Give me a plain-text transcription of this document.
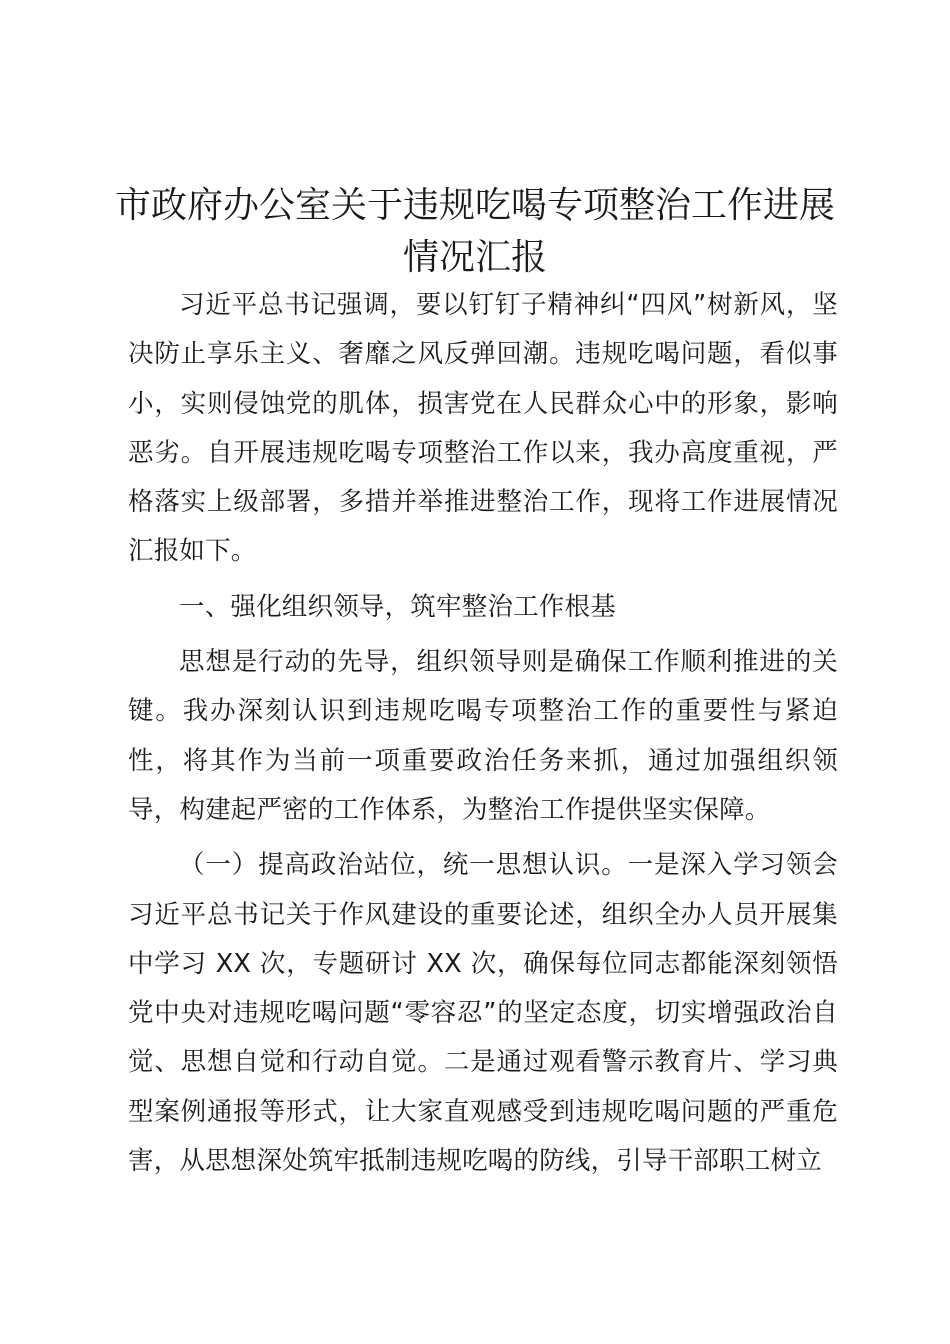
市政府办公室关于违规吃喝专项整治工作进展
情况汇报

习近平总书记强调，要以钉钉子精神纠“四风”树新风，坚决防止享乐主义、奢靡之风反弹回潮。违规吃喝问题，看似事小，实则侵蚀党的肌体，损害党在人民群众心中的形象，影响恶劣。自开展违规吃喝专项整治工作以来，我办高度重视，严格落实上级部署，多措并举推进整治工作，现将工作进展情况汇报如下。

一、强化组织领导，筑牢整治工作根基

思想是行动的先导，组织领导则是确保工作顺利推进的关键。我办深刻认识到违规吃喝专项整治工作的重要性与紧迫性，将其作为当前一项重要政治任务来抓，通过加强组织领导，构建起严密的工作体系，为整治工作提供坚实保障。

（一）提高政治站位，统一思想认识。一是深入学习领会习近平总书记关于作风建设的重要论述，组织全办人员开展集中学习 XX 次，专题研讨 XX 次，确保每位同志都能深刻领悟党中央对违规吃喝问题“零容忍”的坚定态度，切实增强政治自觉、思想自觉和行动自觉。二是通过观看警示教育片、学习典型案例通报等形式，让大家直观感受到违规吃喝问题的严重危害，从思想深处筑牢抵制违规吃喝的防线，引导干部职工树立
